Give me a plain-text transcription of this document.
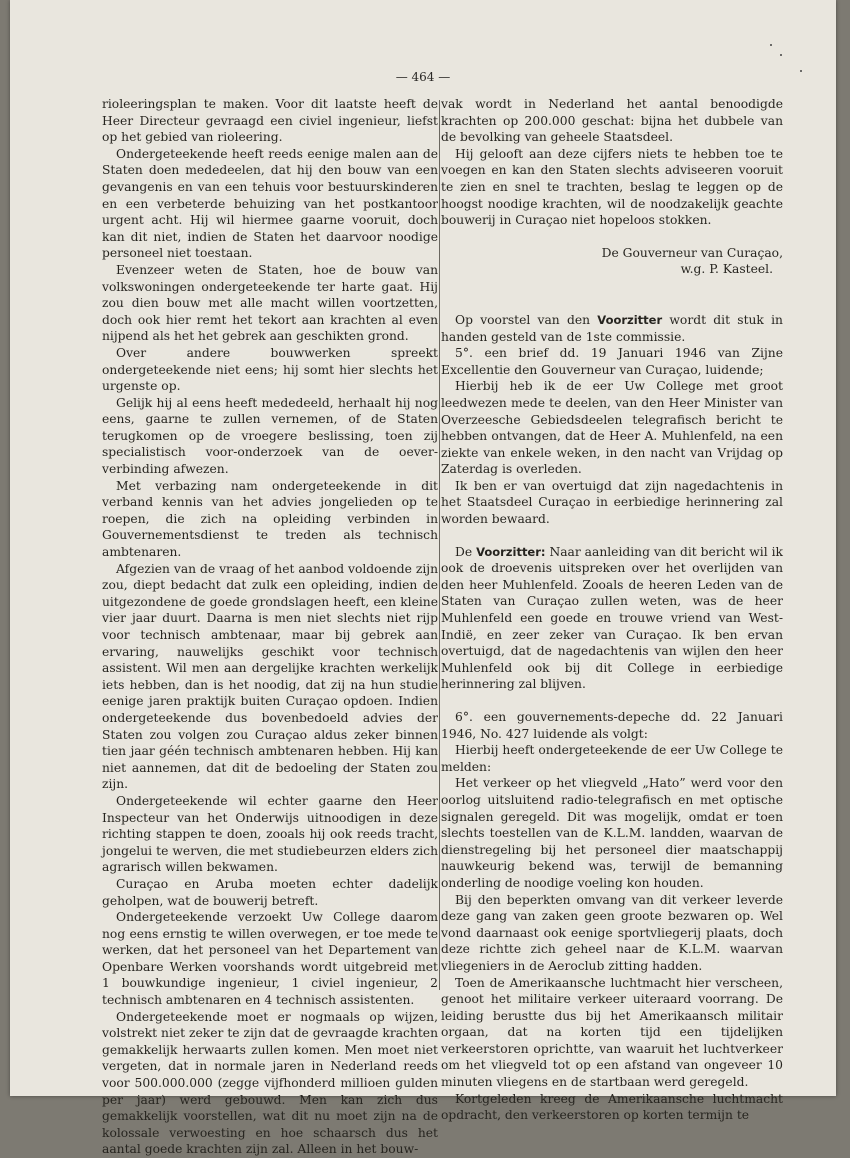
— 464 —

rioleeringsplan te maken. Voor dit laatste heeft de Heer Directeur gevraagd een civiel ingenieur, liefst op het gebied van rioleering.

Ondergeteekende heeft reeds eenige malen aan de Staten doen mededeelen, dat hij den bouw van een gevangenis en van een tehuis voor bestuurskinderen en een verbeterde behuizing van het postkantoor urgent acht. Hij wil hiermee gaarne vooruit, doch kan dit niet, indien de Staten het daarvoor noodige personeel niet toestaan.

Evenzeer weten de Staten, hoe de bouw van volkswoningen ondergeteekende ter harte gaat. Hij zou dien bouw met alle macht willen voortzetten, doch ook hier remt het tekort aan krachten al even nijpend als het het gebrek aan geschikten grond.

Over andere bouwwerken spreekt ondergeteekende niet eens; hij somt hier slechts het urgenste op.

Gelijk hij al eens heeft mededeeld, herhaalt hij nog eens, gaarne te zullen vernemen, of de Staten terugkomen op de vroegere beslissing, toen zij specialistisch voor-onderzoek van de oever-verbinding afwezen.

Met verbazing nam ondergeteekende in dit verband kennis van het advies jongelieden op te roepen, die zich na opleiding verbinden in Gouvernementsdienst te treden als technisch ambtenaren.

Afgezien van de vraag of het aanbod voldoende zijn zou, diept bedacht dat zulk een opleiding, indien de uitgezondene de goede grondslagen heeft, een kleine vier jaar duurt. Daarna is men niet slechts niet rijp voor technisch ambtenaar, maar bij gebrek aan ervaring, nauwelijks geschikt voor technisch assistent. Wil men aan dergelijke krachten werkelijk iets hebben, dan is het noodig, dat zij na hun studie eenige jaren praktijk buiten Curaçao opdoen. Indien ondergeteekende dus bovenbedoeld advies der Staten zou volgen zou Curaçao aldus zeker binnen tien jaar géén technisch ambtenaren hebben. Hij kan niet aannemen, dat dit de bedoeling der Staten zou zijn.

Ondergeteekende wil echter gaarne den Heer Inspecteur van het Onderwijs uitnoodigen in deze richting stappen te doen, zooals hij ook reeds tracht, jongelui te werven, die met studiebeurzen elders zich agrarisch willen bekwamen.

Curaçao en Aruba moeten echter dadelijk geholpen, wat de bouwerij betreft.

Ondergeteekende verzoekt Uw College daarom nog eens ernstig te willen overwegen, er toe mede te werken, dat het personeel van het Departement van Openbare Werken voorshands wordt uitgebreid met 1 bouwkundige ingenieur, 1 civiel ingenieur, 2 technisch ambtenaren en 4 technisch assistenten.

Ondergeteekende moet er nogmaals op wijzen, volstrekt niet zeker te zijn dat de gevraagde krachten gemakkelijk herwaarts zullen komen. Men moet niet vergeten, dat in normale jaren in Nederland reeds voor 500.000.000 (zegge vijfhonderd millioen gulden per jaar) werd gebouwd. Men kan zich dus gemakkelijk voorstellen, wat dit nu moet zijn na de kolossale verwoesting en hoe schaarsch dus het aantal goede krachten zijn zal. Alleen in het bouw-

vak wordt in Nederland het aantal benoodigde krachten op 200.000 geschat: bijna het dubbele van de bevolking van geheele Staatsdeel.

Hij gelooft aan deze cijfers niets te hebben toe te voegen en kan den Staten slechts adviseeren vooruit te zien en snel te trachten, beslag te leggen op de hoogst noodige krachten, wil de noodzakelijk geachte bouwerij in Curaçao niet hopeloos stokken.

De Gouverneur van Curaçao,

w.g. P. Kasteel.

Op voorstel van den Voorzitter wordt dit stuk in handen gesteld van de 1ste commissie.

5°. een brief dd. 19 Januari 1946 van Zijne Excellentie den Gouverneur van Curaçao, luidende;

Hierbij heb ik de eer Uw College met groot leedwezen mede te deelen, van den Heer Minister van Overzeesche Gebiedsdeelen telegrafisch bericht te hebben ontvangen, dat de Heer A. Muhlenfeld, na een ziekte van enkele weken, in den nacht van Vrijdag op Zaterdag is overleden.

Ik ben er van overtuigd dat zijn nagedachtenis in het Staatsdeel Curaçao in eerbiedige herinnering zal worden bewaard.

De Voorzitter: Naar aanleiding van dit bericht wil ik ook de droevenis uitspreken over het overlijden van den heer Muhlenfeld. Zooals de heeren Leden van de Staten van Curaçao zullen weten, was de heer Muhlenfeld een goede en trouwe vriend van West-Indië, en zeer zeker van Curaçao. Ik ben ervan overtuigd, dat de nagedachtenis van wijlen den heer Muhlenfeld ook bij dit College in eerbiedige herinnering zal blijven.

6°. een gouvernements-depeche dd. 22 Januari 1946, No. 427 luidende als volgt:

Hierbij heeft ondergeteekende de eer Uw College te melden:

Het verkeer op het vliegveld „Hato” werd voor den oorlog uitsluitend radio-telegrafisch en met optische signalen geregeld. Dit was mogelijk, omdat er toen slechts toestellen van de K.L.M. landden, waarvan de dienstregeling bij het personeel dier maatschappij nauwkeurig bekend was, terwijl de bemanning onderling de noodige voeling kon houden.

Bij den beperkten omvang van dit verkeer leverde deze gang van zaken geen groote bezwaren op. Wel vond daarnaast ook eenige sportvliegerij plaats, doch deze richtte zich geheel naar de K.L.M. waarvan vliegeniers in de Aeroclub zitting hadden.

Toen de Amerikaansche luchtmacht hier verscheen, genoot het militaire verkeer uiteraard voorrang. De leiding berustte dus bij het Amerikaansch militair orgaan, dat na korten tijd een tijdelijken verkeerstoren oprichtte, van waaruit het luchtverkeer om het vliegveld tot op een afstand van ongeveer 10 minuten vliegens en de startbaan werd geregeld.

Kortgeleden kreeg de Amerikaansche luchtmacht opdracht, den verkeerstoren op korten termijn te
